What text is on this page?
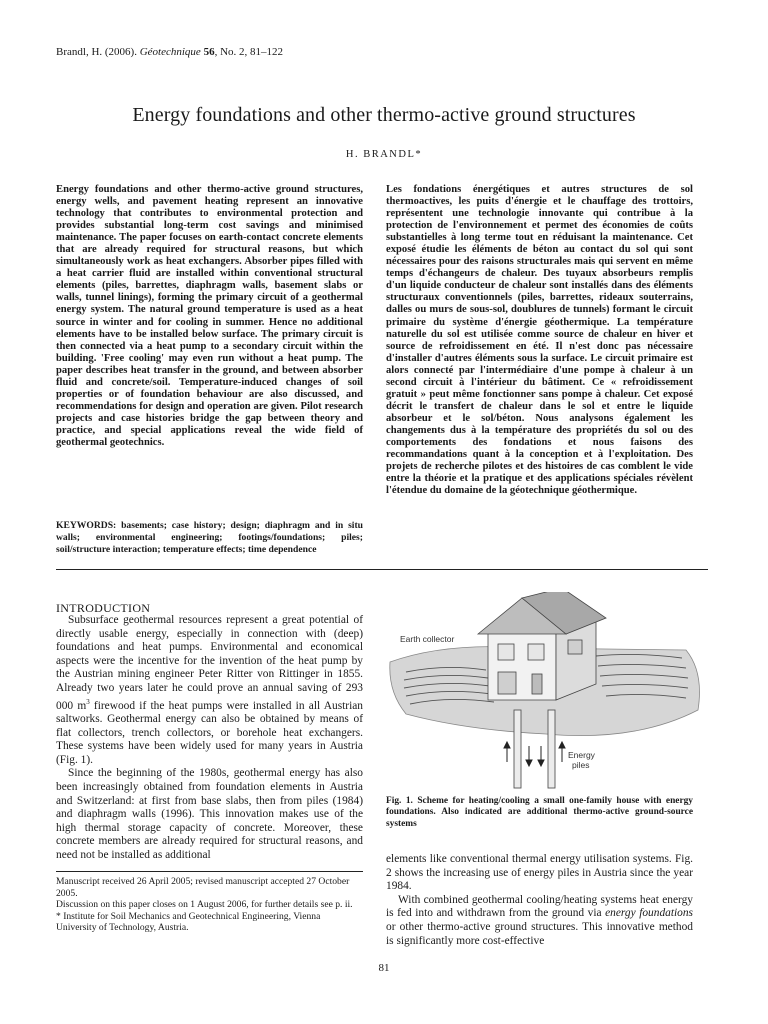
Brandl, H. (2006). Géotechnique 56, No. 2, 81–122
Energy foundations and other thermo-active ground structures
H. BRANDL*
Energy foundations and other thermo-active ground structures, energy wells, and pavement heating represent an innovative technology that contributes to environmental protection and provides substantial long-term cost savings and minimised maintenance. The paper focuses on earth-contact concrete elements that are already required for structural reasons, but which simultaneously work as heat exchangers. Absorber pipes filled with a heat carrier fluid are installed within conventional structural elements (piles, barrettes, diaphragm walls, basement slabs or walls, tunnel linings), forming the primary circuit of a geothermal energy system. The natural ground temperature is used as a heat source in winter and for cooling in summer. Hence no additional elements have to be installed below surface. The primary circuit is then connected via a heat pump to a secondary circuit within the building. 'Free cooling' may even run without a heat pump. The paper describes heat transfer in the ground, and between absorber fluid and concrete/soil. Temperature-induced changes of soil properties or of foundation behaviour are also discussed, and recommendations for design and operation are given. Pilot research projects and case histories bridge the gap between theory and practice, and special applications reveal the wide field of geothermal geotechnics.
KEYWORDS: basements; case history; design; diaphragm and in situ walls; environmental engineering; footings/foundations; piles; soil/structure interaction; temperature effects; time dependence
Les fondations énergétiques et autres structures de sol thermoactives, les puits d'énergie et le chauffage des trottoirs, représentent une technologie innovante qui contribue à la protection de l'environnement et permet des économies de coûts substantielles à long terme tout en réduisant la maintenance. Cet exposé étudie les éléments de béton au contact du sol qui sont nécessaires pour des raisons structurales mais qui servent en même temps d'échangeurs de chaleur. Des tuyaux absorbeurs remplis d'un liquide conducteur de chaleur sont installés dans des éléments structuraux conventionnels (piles, barrettes, rideaux souterrains, dalles ou murs de sous-sol, doublures de tunnels) formant le circuit primaire du système d'énergie géothermique. La température naturelle du sol est utilisée comme source de chaleur en hiver et source de refroidissement en été. Il n'est donc pas nécessaire d'installer d'autres éléments sous la surface. Le circuit primaire est alors connecté par l'intermédiaire d'une pompe à chaleur à un second circuit à l'intérieur du bâtiment. Ce « refroidissement gratuit » peut même fonctionner sans pompe à chaleur. Cet exposé décrit le transfert de chaleur dans le sol et entre le liquide absorbeur et le sol/béton. Nous analysons également les changements dus à la température des propriétés du sol ou des comportements des fondations et nous faisons des recommandations quant à la conception et à l'exploitation. Des projets de recherche pilotes et des histoires de cas comblent le vide entre la théorie et la pratique et des applications spéciales révèlent l'étendue du domaine de la géotechnique géothermique.
INTRODUCTION

Subsurface geothermal resources represent a great potential of directly usable energy, especially in connection with (deep) foundations and heat pumps. Environmental and economical aspects were the incentive for the invention of the heat pump by the Austrian mining engineer Peter Ritter von Rittinger in 1855. Already two years later he could prove an annual saving of 293 000 $m^3$ firewood if the heat pumps were installed in all Austrian saltworks. Geothermal energy can also be obtained by means of flat collectors, trench collectors, or borehole heat exchangers. These systems have been widely used for many years in Austria (Fig. 1).

Since the beginning of the 1980s, geothermal energy has also been increasingly obtained from foundation elements in Austria and Switzerland: at first from base slabs, then from piles (1984) and diaphragm walls (1996). This innovation makes use of the high thermal storage capacity of concrete. Moreover, these concrete members are already required for structural reasons, and need not be installed as additional

Manuscript received 26 April 2005; revised manuscript accepted 27 October 2005.
Discussion on this paper closes on 1 August 2006, for further details see p. ii.
* Institute for Soil Mechanics and Geotechnical Engineering, Vienna University of Technology, Austria.
Earth collector
Energy
piles
Fig. 1. Scheme for heating/cooling a small one-family house with energy foundations. Also indicated are additional thermo-active ground-source systems

elements like conventional thermal energy utilisation systems. Fig. 2 shows the increasing use of energy piles in Austria since the year 1984.

With combined geothermal cooling/heating systems heat energy is fed into and withdrawn from the ground via energy foundations or other thermo-active ground structures. This innovative method is significantly more cost-effective

81
